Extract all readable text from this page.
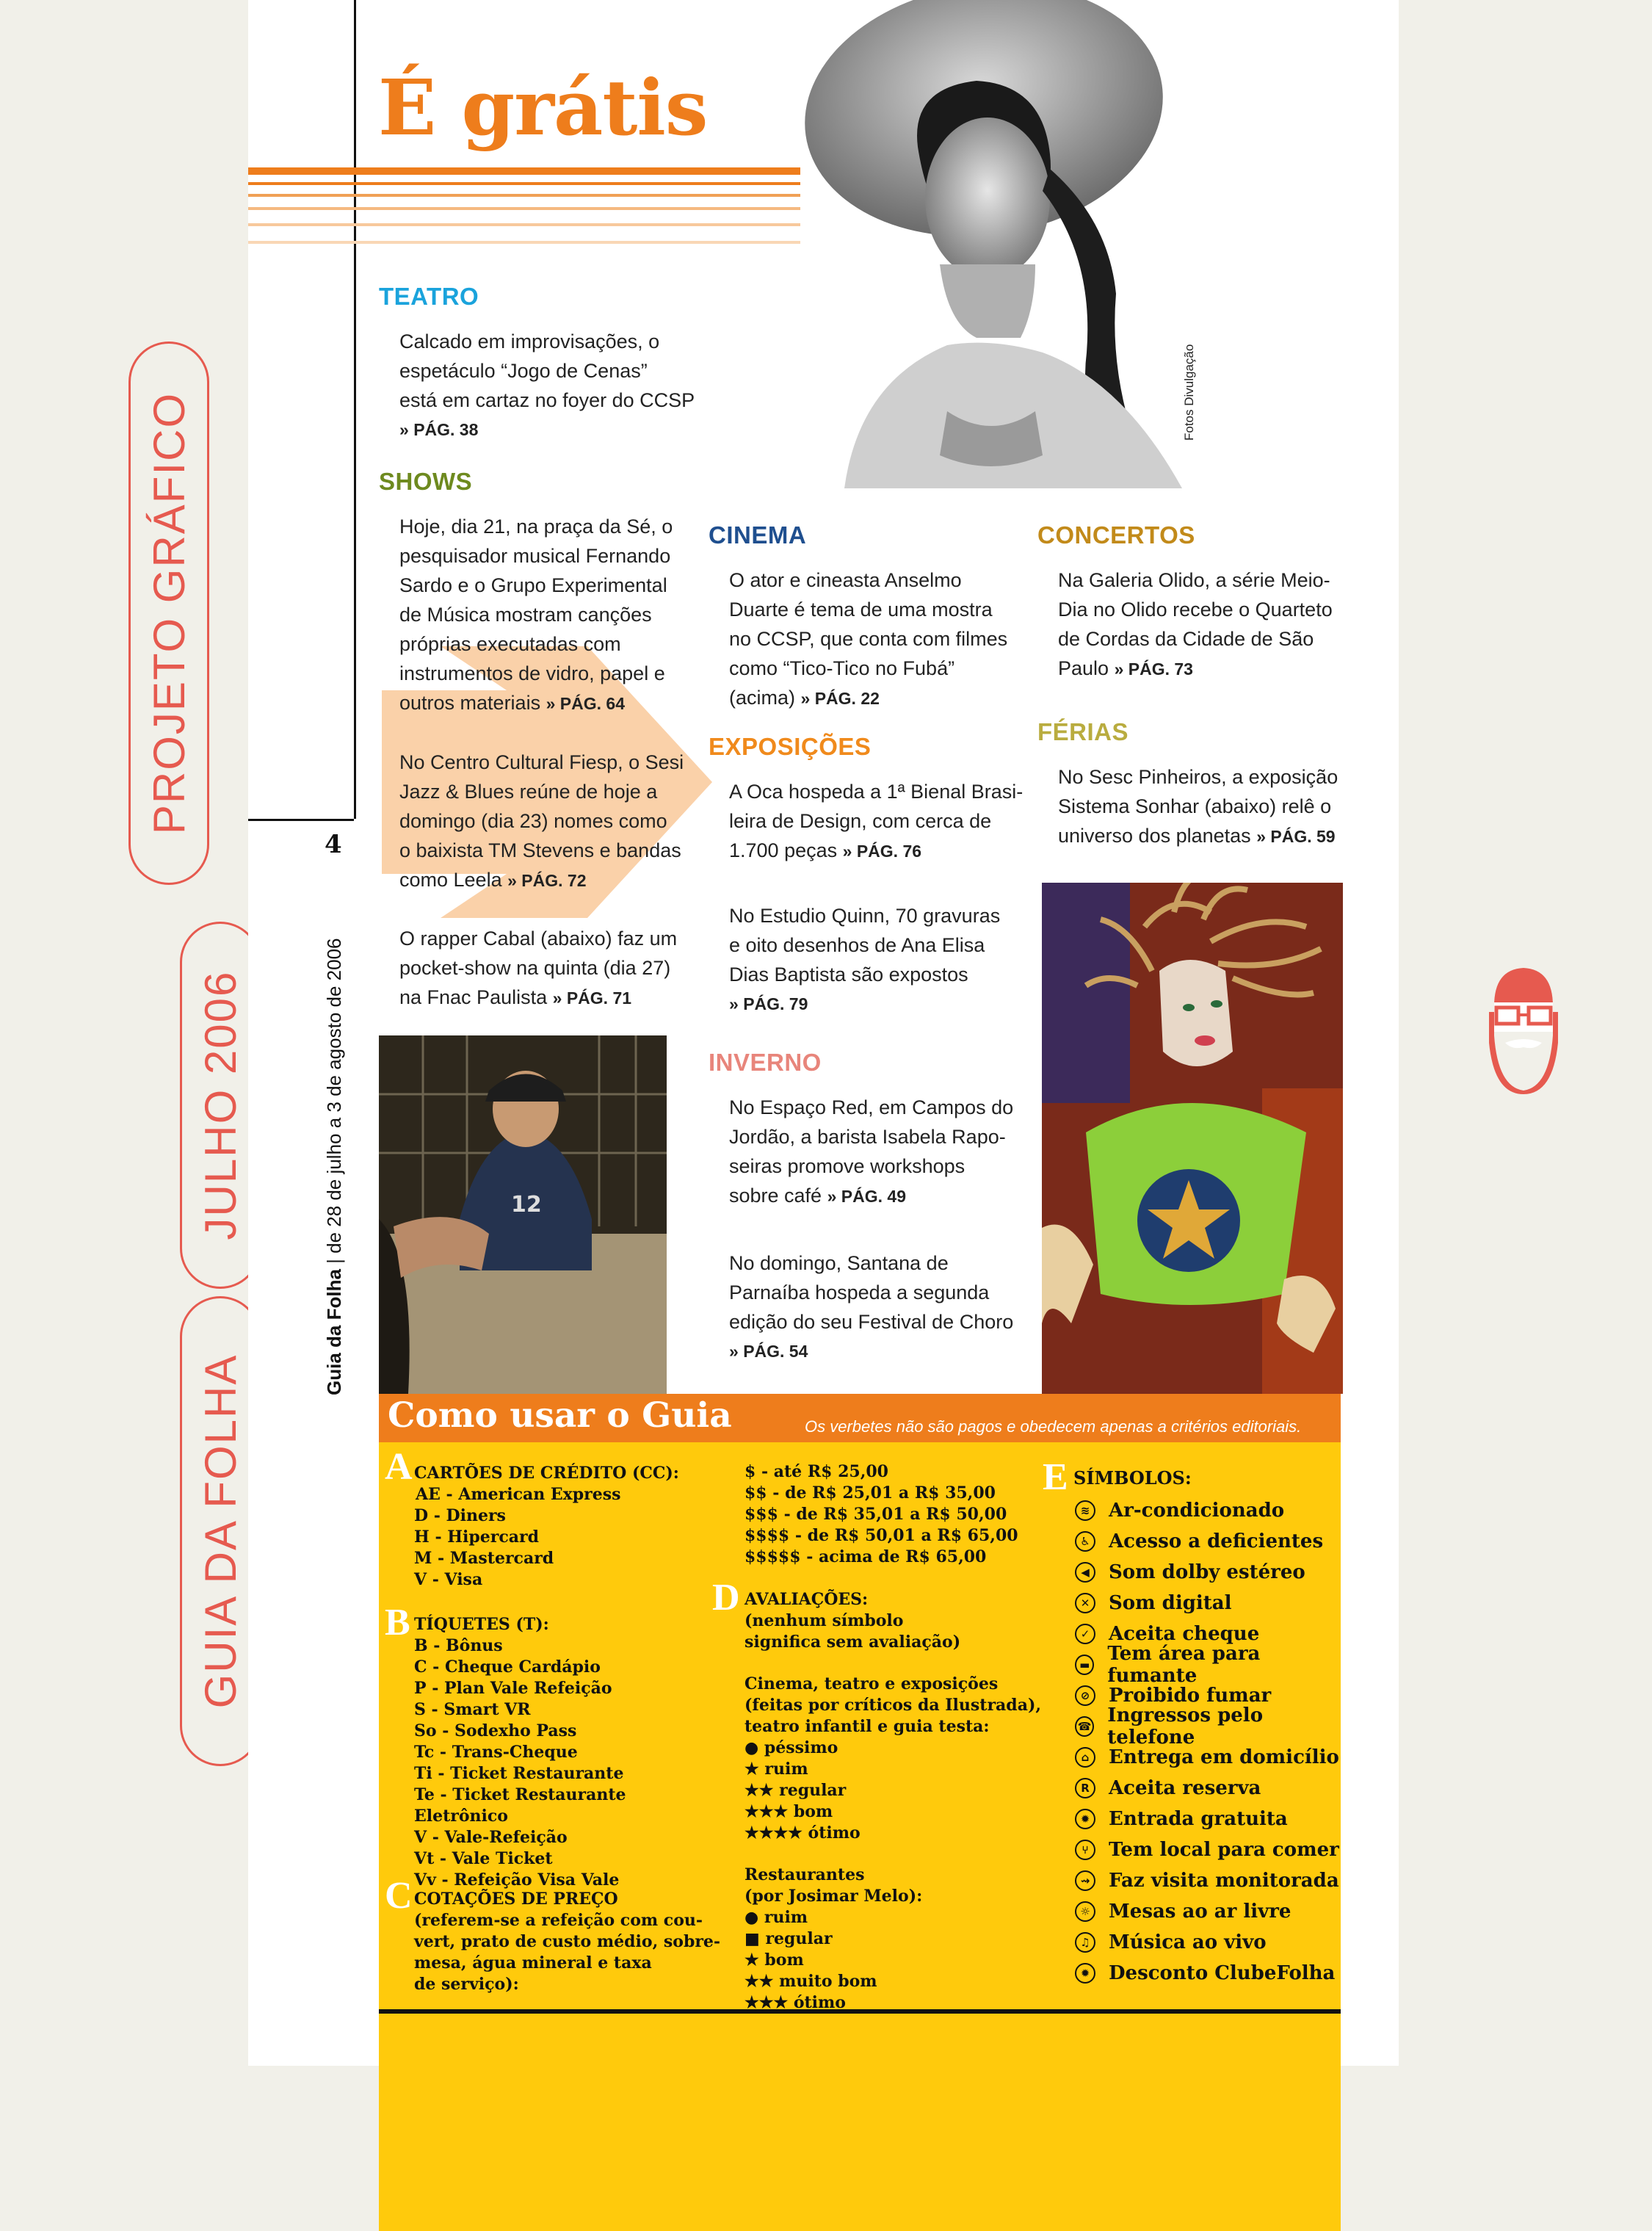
GUIA DA FOLHA
JULHO 2006
PROJETO GRÁFICO
É grátis
Fotos Divulgação
TEATRO
Calcado em improvisações, o
espetáculo “Jogo de Cenas”
está em cartaz no foyer do CCSP
» PÁG. 38
SHOWS
Hoje, dia 21, na praça da Sé, o
pesquisador musical Fernando
Sardo e o Grupo Experimental
de Música mostram canções
próprias executadas com
instrumentos de vidro, papel e
outros materiais » PÁG. 64
No Centro Cultural Fiesp, o Sesi
Jazz & Blues reúne de hoje a
domingo (dia 23) nomes como
o baixista TM Stevens e bandas
como Leela » PÁG. 72
O rapper Cabal (abaixo) faz um
pocket-show na quinta (dia 27)
na Fnac Paulista » PÁG. 71
CINEMA
O ator e cineasta Anselmo
Duarte é tema de uma mostra
no CCSP, que conta com filmes
como “Tico-Tico no Fubá”
(acima) » PÁG. 22
EXPOSIÇÕES
A Oca hospeda a 1ª Bienal Brasi-
leira de Design, com cerca de
1.700 peças » PÁG. 76
No Estudio Quinn, 70 gravuras
e oito desenhos de Ana Elisa
Dias Baptista são expostos
» PÁG. 79
INVERNO
No Espaço Red, em Campos do
Jordão, a barista Isabela Rapo-
seiras promove workshops
sobre café » PÁG. 49
No domingo, Santana de
Parnaíba hospeda a segunda
edição do seu Festival de Choro
» PÁG. 54
CONCERTOS
Na Galeria Olido, a série Meio-
Dia no Olido recebe o Quarteto
de Cordas da Cidade de São
Paulo » PÁG. 73
FÉRIAS
No Sesc Pinheiros, a exposição
Sistema Sonhar (abaixo) relê o
universo dos planetas » PÁG. 59
4
Guia da Folha | de 28 de julho a 3 de agosto de 2006	12
Como usar o Guia	Os verbetes não são pagos e obedecem apenas a critérios editoriais.
A CARTÕES DE CRÉDITO (CC):
AE - American Express
D - Diners
H - Hipercard
M - Mastercard
V - Visa
B TÍQUETES (T):
B - Bônus
C - Cheque Cardápio
P - Plan Vale Refeição
S - Smart VR
So - Sodexho Pass
Tc - Trans-Cheque
Ti - Ticket Restaurante
Te - Ticket Restaurante Eletrônico
V - Vale-Refeição
Vt - Vale Ticket
Vv - Refeição Visa Vale
C COTAÇÕES DE PREÇO
(referem-se a refeição com cou-
vert, prato de custo médio, sobre-
mesa, água mineral e taxa
de serviço):
$ - até R$ 25,00
$$ - de R$ 25,01 a R$ 35,00
$$$ - de R$ 35,01 a R$ 50,00
$$$$ - de R$ 50,01 a R$ 65,00
$$$$$ - acima de R$ 65,00
D AVALIAÇÕES:
(nenhum símbolo
significa sem avaliação)
Cinema, teatro e exposições
(feitas por críticos da Ilustrada),
teatro infantil e guia testa:
● péssimo
★ ruim
★★ regular
★★★ bom
★★★★ ótimo
Restaurantes
(por Josimar Melo):
● ruim
■ regular
★ bom
★★ muito bom
★★★ ótimo
E SÍMBOLOS:
≋ Ar-condicionado
♿ Acesso a deficientes
◀	Som dolby estéreo
✕ Som digital
✓ Aceita cheque
▬ Tem área para fumante
⊘ Proibido fumar
☎ Ingressos pelo telefone
⌂	Entrega em domicílio
R	Aceita reserva
✹ Entrada gratuita
⑂	Tem local para comer
⇝ Faz visita monitorada
☼ Mesas ao ar livre
♫ Música ao vivo
✹ Desconto ClubeFolha
